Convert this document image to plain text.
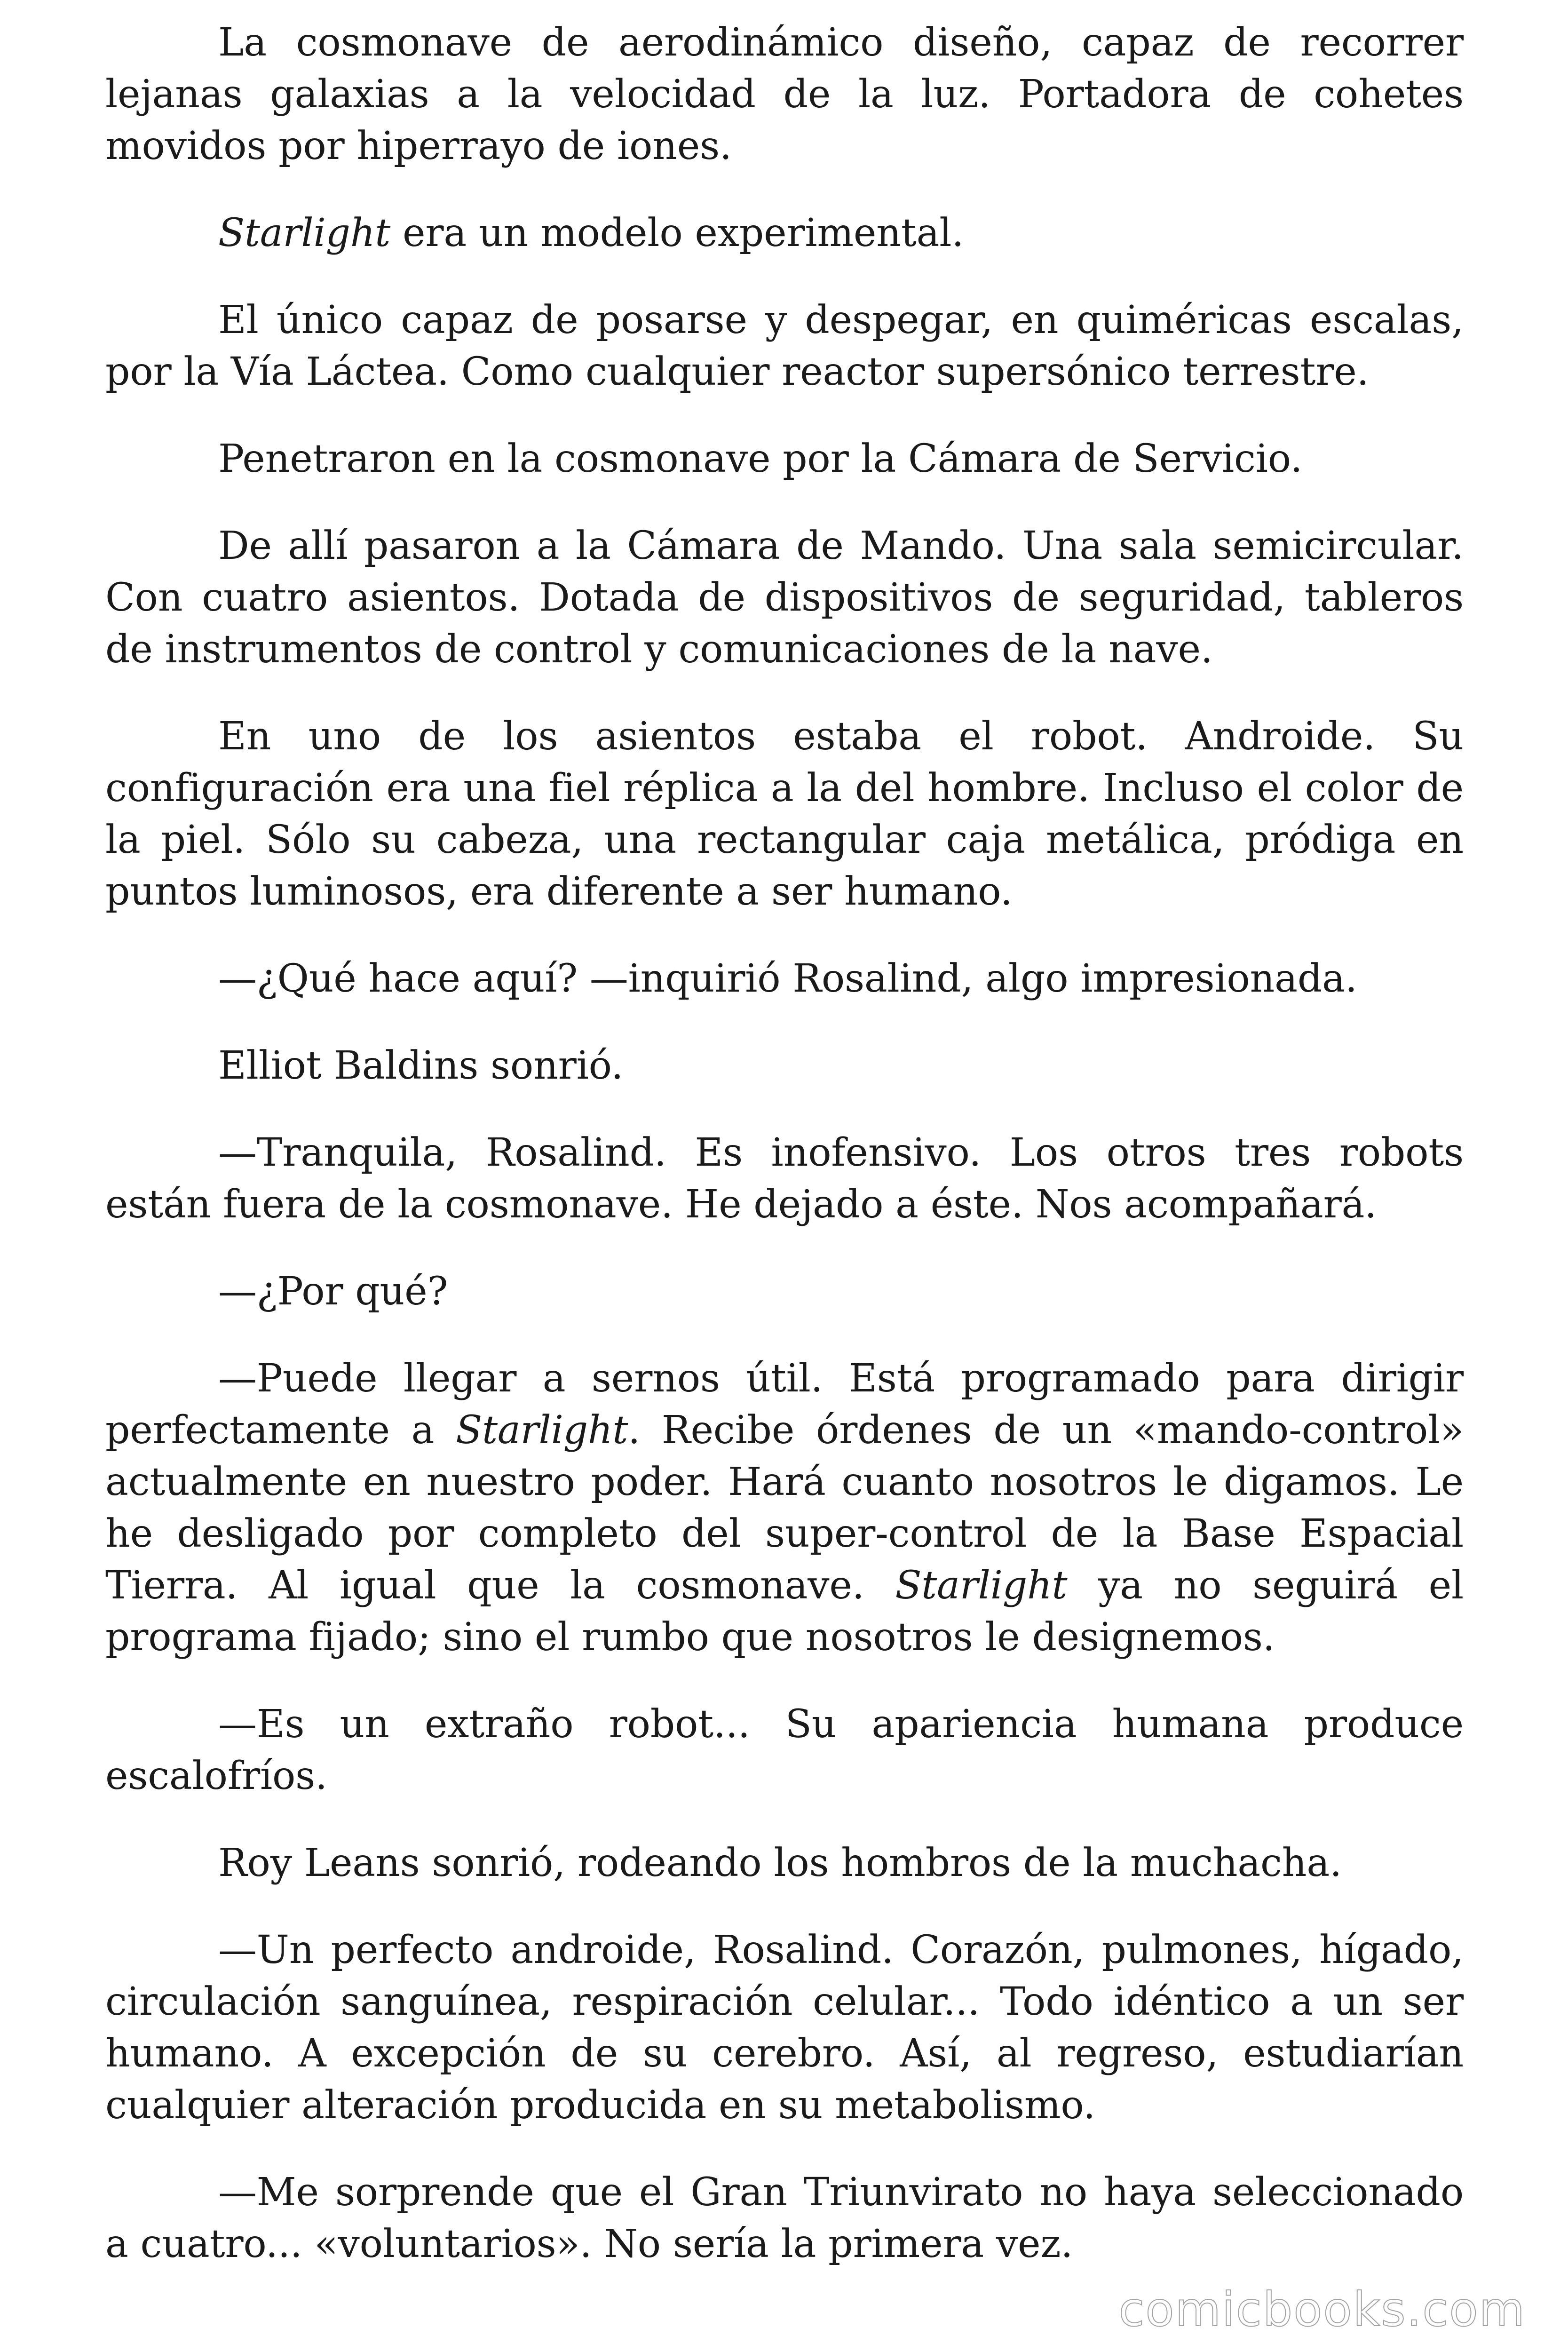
La cosmonave de aerodinámico diseño, capaz de recorrer lejanas galaxias a la velocidad de la luz. Portadora de cohetes movidos por hiperrayo de iones.

Starlight era un modelo experimental.

El único capaz de posarse y despegar, en quiméricas escalas, por la Vía Láctea. Como cualquier reactor supersónico terrestre.

Penetraron en la cosmonave por la Cámara de Servicio.

De allí pasaron a la Cámara de Mando. Una sala semicircular. Con cuatro asientos. Dotada de dispositivos de seguridad, tableros de instrumentos de control y comunicaciones de la nave.

En uno de los asientos estaba el robot. Androide. Su configuración era una fiel réplica a la del hombre. Incluso el color de la piel. Sólo su cabeza, una rectangular caja metálica, pródiga en puntos luminosos, era diferente a ser humano.

—¿Qué hace aquí? —inquirió Rosalind, algo impresionada.

Elliot Baldins sonrió.

—Tranquila, Rosalind. Es inofensivo. Los otros tres robots están fuera de la cosmonave. He dejado a éste. Nos acompañará.

—¿Por qué?

—Puede llegar a sernos útil. Está programado para dirigir perfectamente a Starlight. Recibe órdenes de un «mando-control» actualmente en nuestro poder. Hará cuanto nosotros le digamos. Le he desligado por completo del super-control de la Base Espacial Tierra. Al igual que la cosmonave. Starlight ya no seguirá el programa fijado; sino el rumbo que nosotros le designemos.

—Es un extraño robot... Su apariencia humana produce escalofríos.

Roy Leans sonrió, rodeando los hombros de la muchacha.

—Un perfecto androide, Rosalind. Corazón, pulmones, hígado, circulación sanguínea, respiración celular... Todo idéntico a un ser humano. A excepción de su cerebro. Así, al regreso, estudiarían cualquier alteración producida en su metabolismo.

—Me sorprende que el Gran Triunvirato no haya seleccionado a cuatro... «voluntarios». No sería la primera vez.

comicbooks.com
